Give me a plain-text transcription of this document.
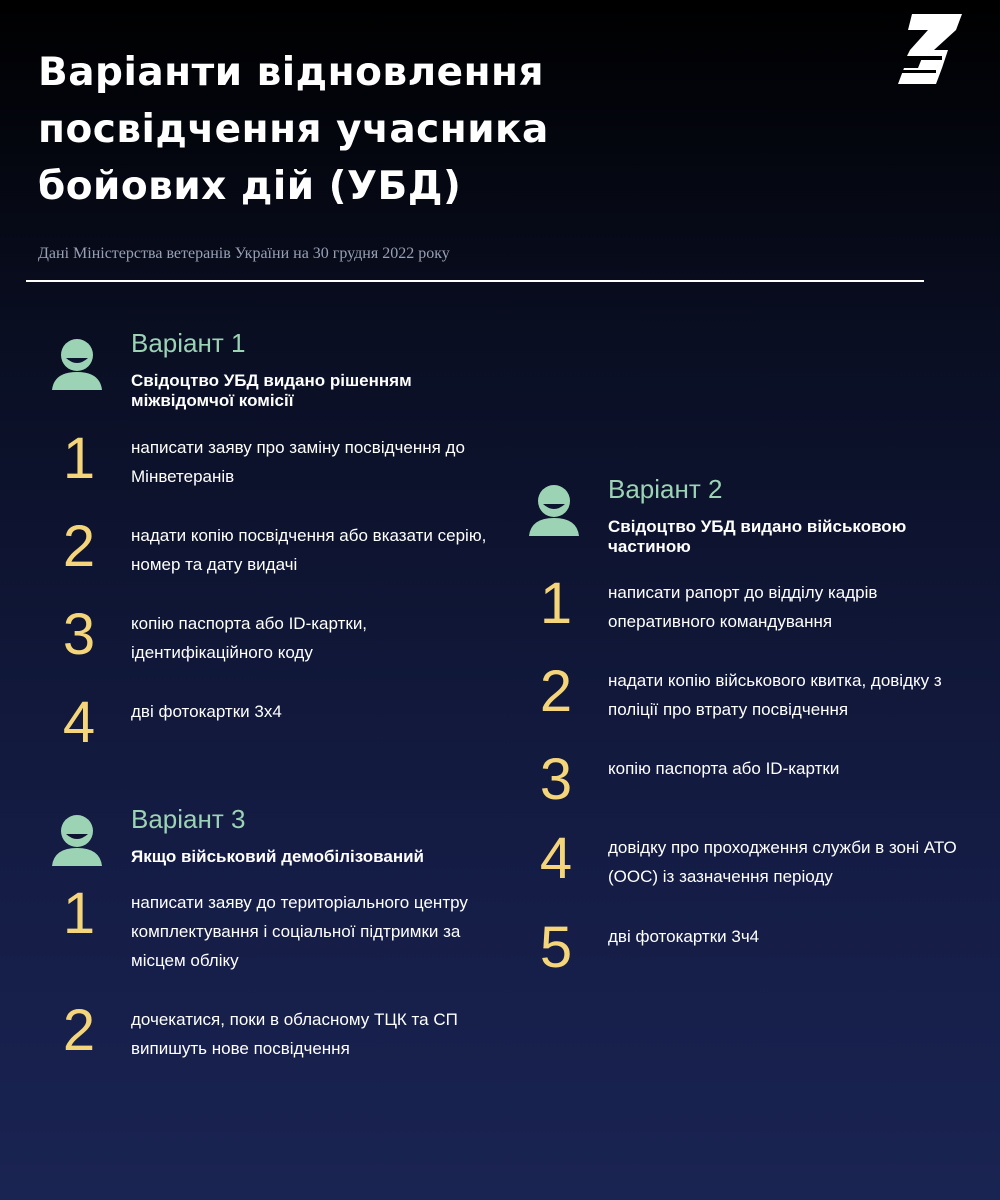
Варіанти відновлення
посвідчення учасника
бойових дій (УБД)
Дані Міністерства ветеранів України на 30 грудня 2022 року
Варіант 1
Свідоцтво УБД видано рішенням міжвідомчої комісії
1	написати заяву про заміну посвідчення до Мінветеранів
2	надати копію посвідчення або вказати серію, номер та дату видачі
3	копію паспорта або ID-картки, ідентифікаційного коду
4	дві фотокартки 3x4
Варіант 3
Якщо військовий демобілізований
1	написати заяву до територіального центру комплектування і соціальної підтримки за місцем обліку
2	дочекатися, поки в обласному ТЦК та СП випишуть нове посвідчення
Варіант 2
Свідоцтво УБД видано військовою частиною
1	написати рапорт до відділу кадрів оперативного командування
2	надати копію військового квитка, довідку з поліції про втрату посвідчення
3	копію паспорта або ID-картки
4	довідку про проходження служби в зоні АТО (ООС) із зазначення періоду
5	дві фотокартки 3ч4
